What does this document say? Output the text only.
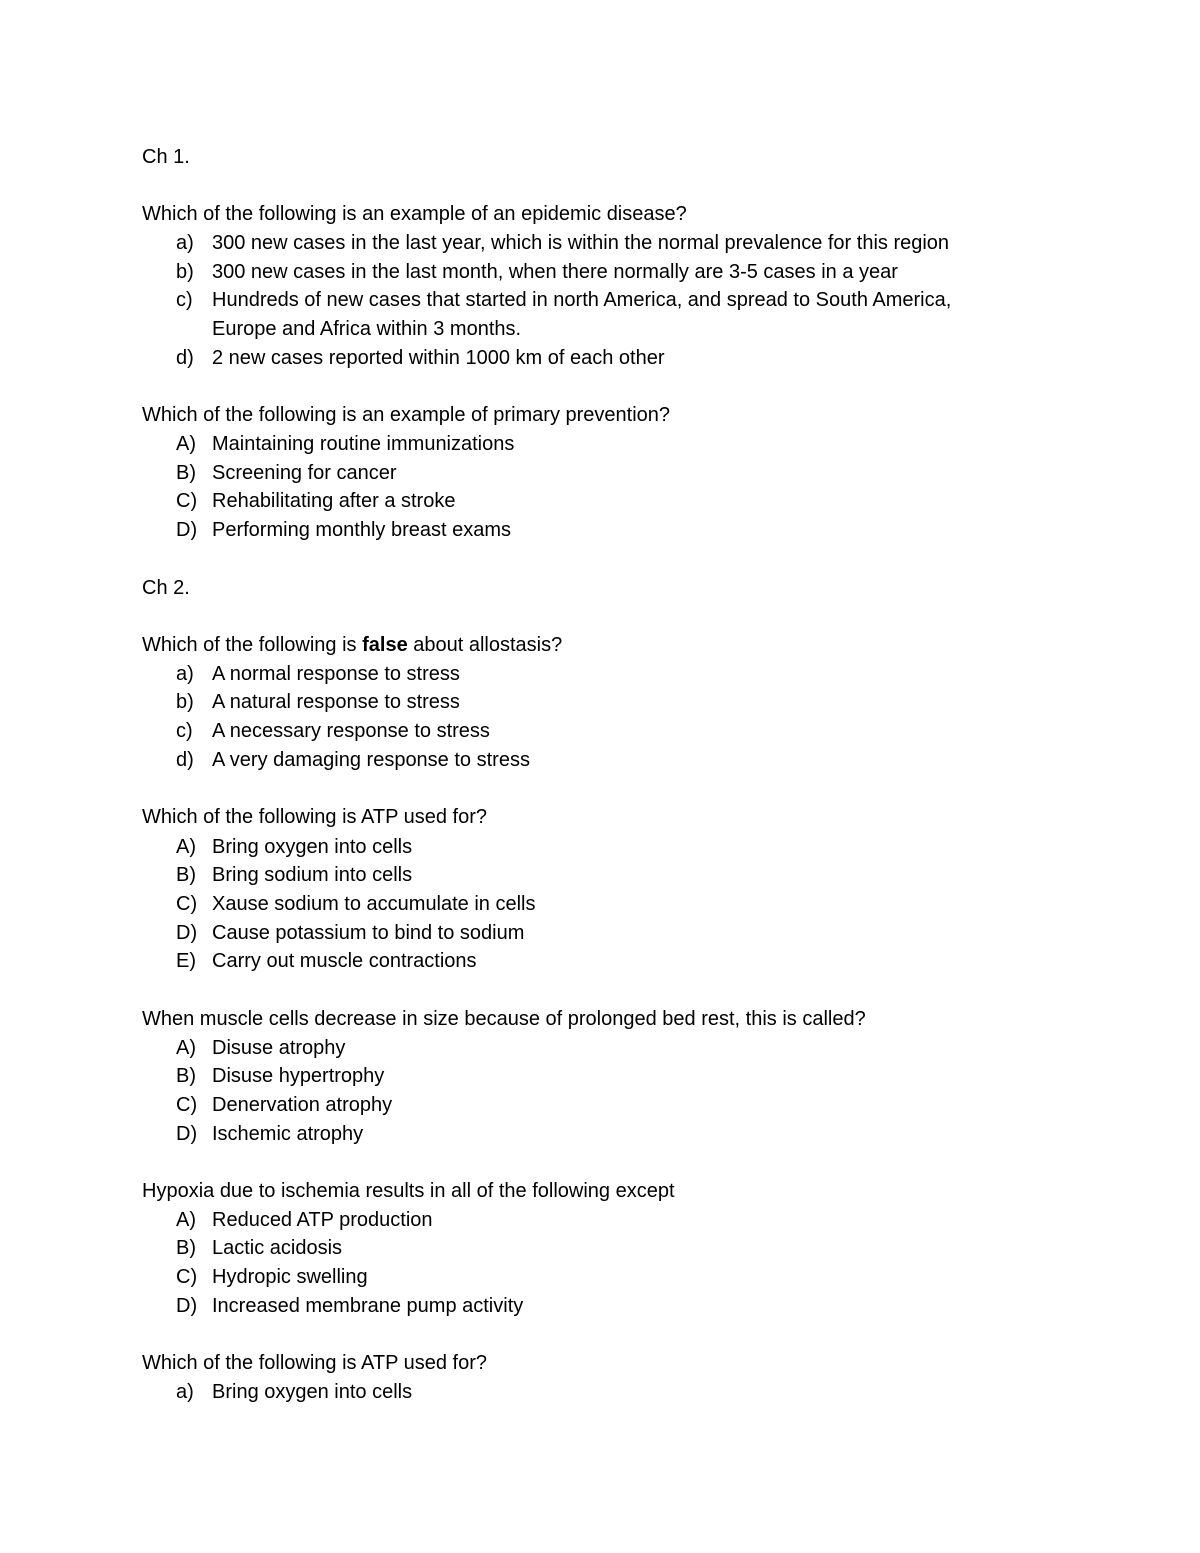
Ch 1.
Which of the following is an example of an epidemic disease?
a) 300 new cases in the last year, which is within the normal prevalence for this region
b) 300 new cases in the last month, when there normally are 3-5 cases in a year
c) Hundreds of new cases that started in north America, and spread to South America,
Europe and Africa within 3 months.
d) 2 new cases reported within 1000 km of each other
Which of the following is an example of primary prevention?
A) Maintaining routine immunizations
B) Screening for cancer
C) Rehabilitating after a stroke
D) Performing monthly breast exams
Ch 2.
Which of the following is false about allostasis?
a) A normal response to stress
b) A natural response to stress
c) A necessary response to stress
d) A very damaging response to stress
Which of the following is ATP used for?
A) Bring oxygen into cells
B) Bring sodium into cells
C) Xause sodium to accumulate in cells
D) Cause potassium to bind to sodium
E) Carry out muscle contractions
When muscle cells decrease in size because of prolonged bed rest, this is called?
A) Disuse atrophy
B) Disuse hypertrophy
C) Denervation atrophy
D) Ischemic atrophy
Hypoxia due to ischemia results in all of the following except
A) Reduced ATP production
B) Lactic acidosis
C) Hydropic swelling
D) Increased membrane pump activity
Which of the following is ATP used for?
a) Bring oxygen into cells
